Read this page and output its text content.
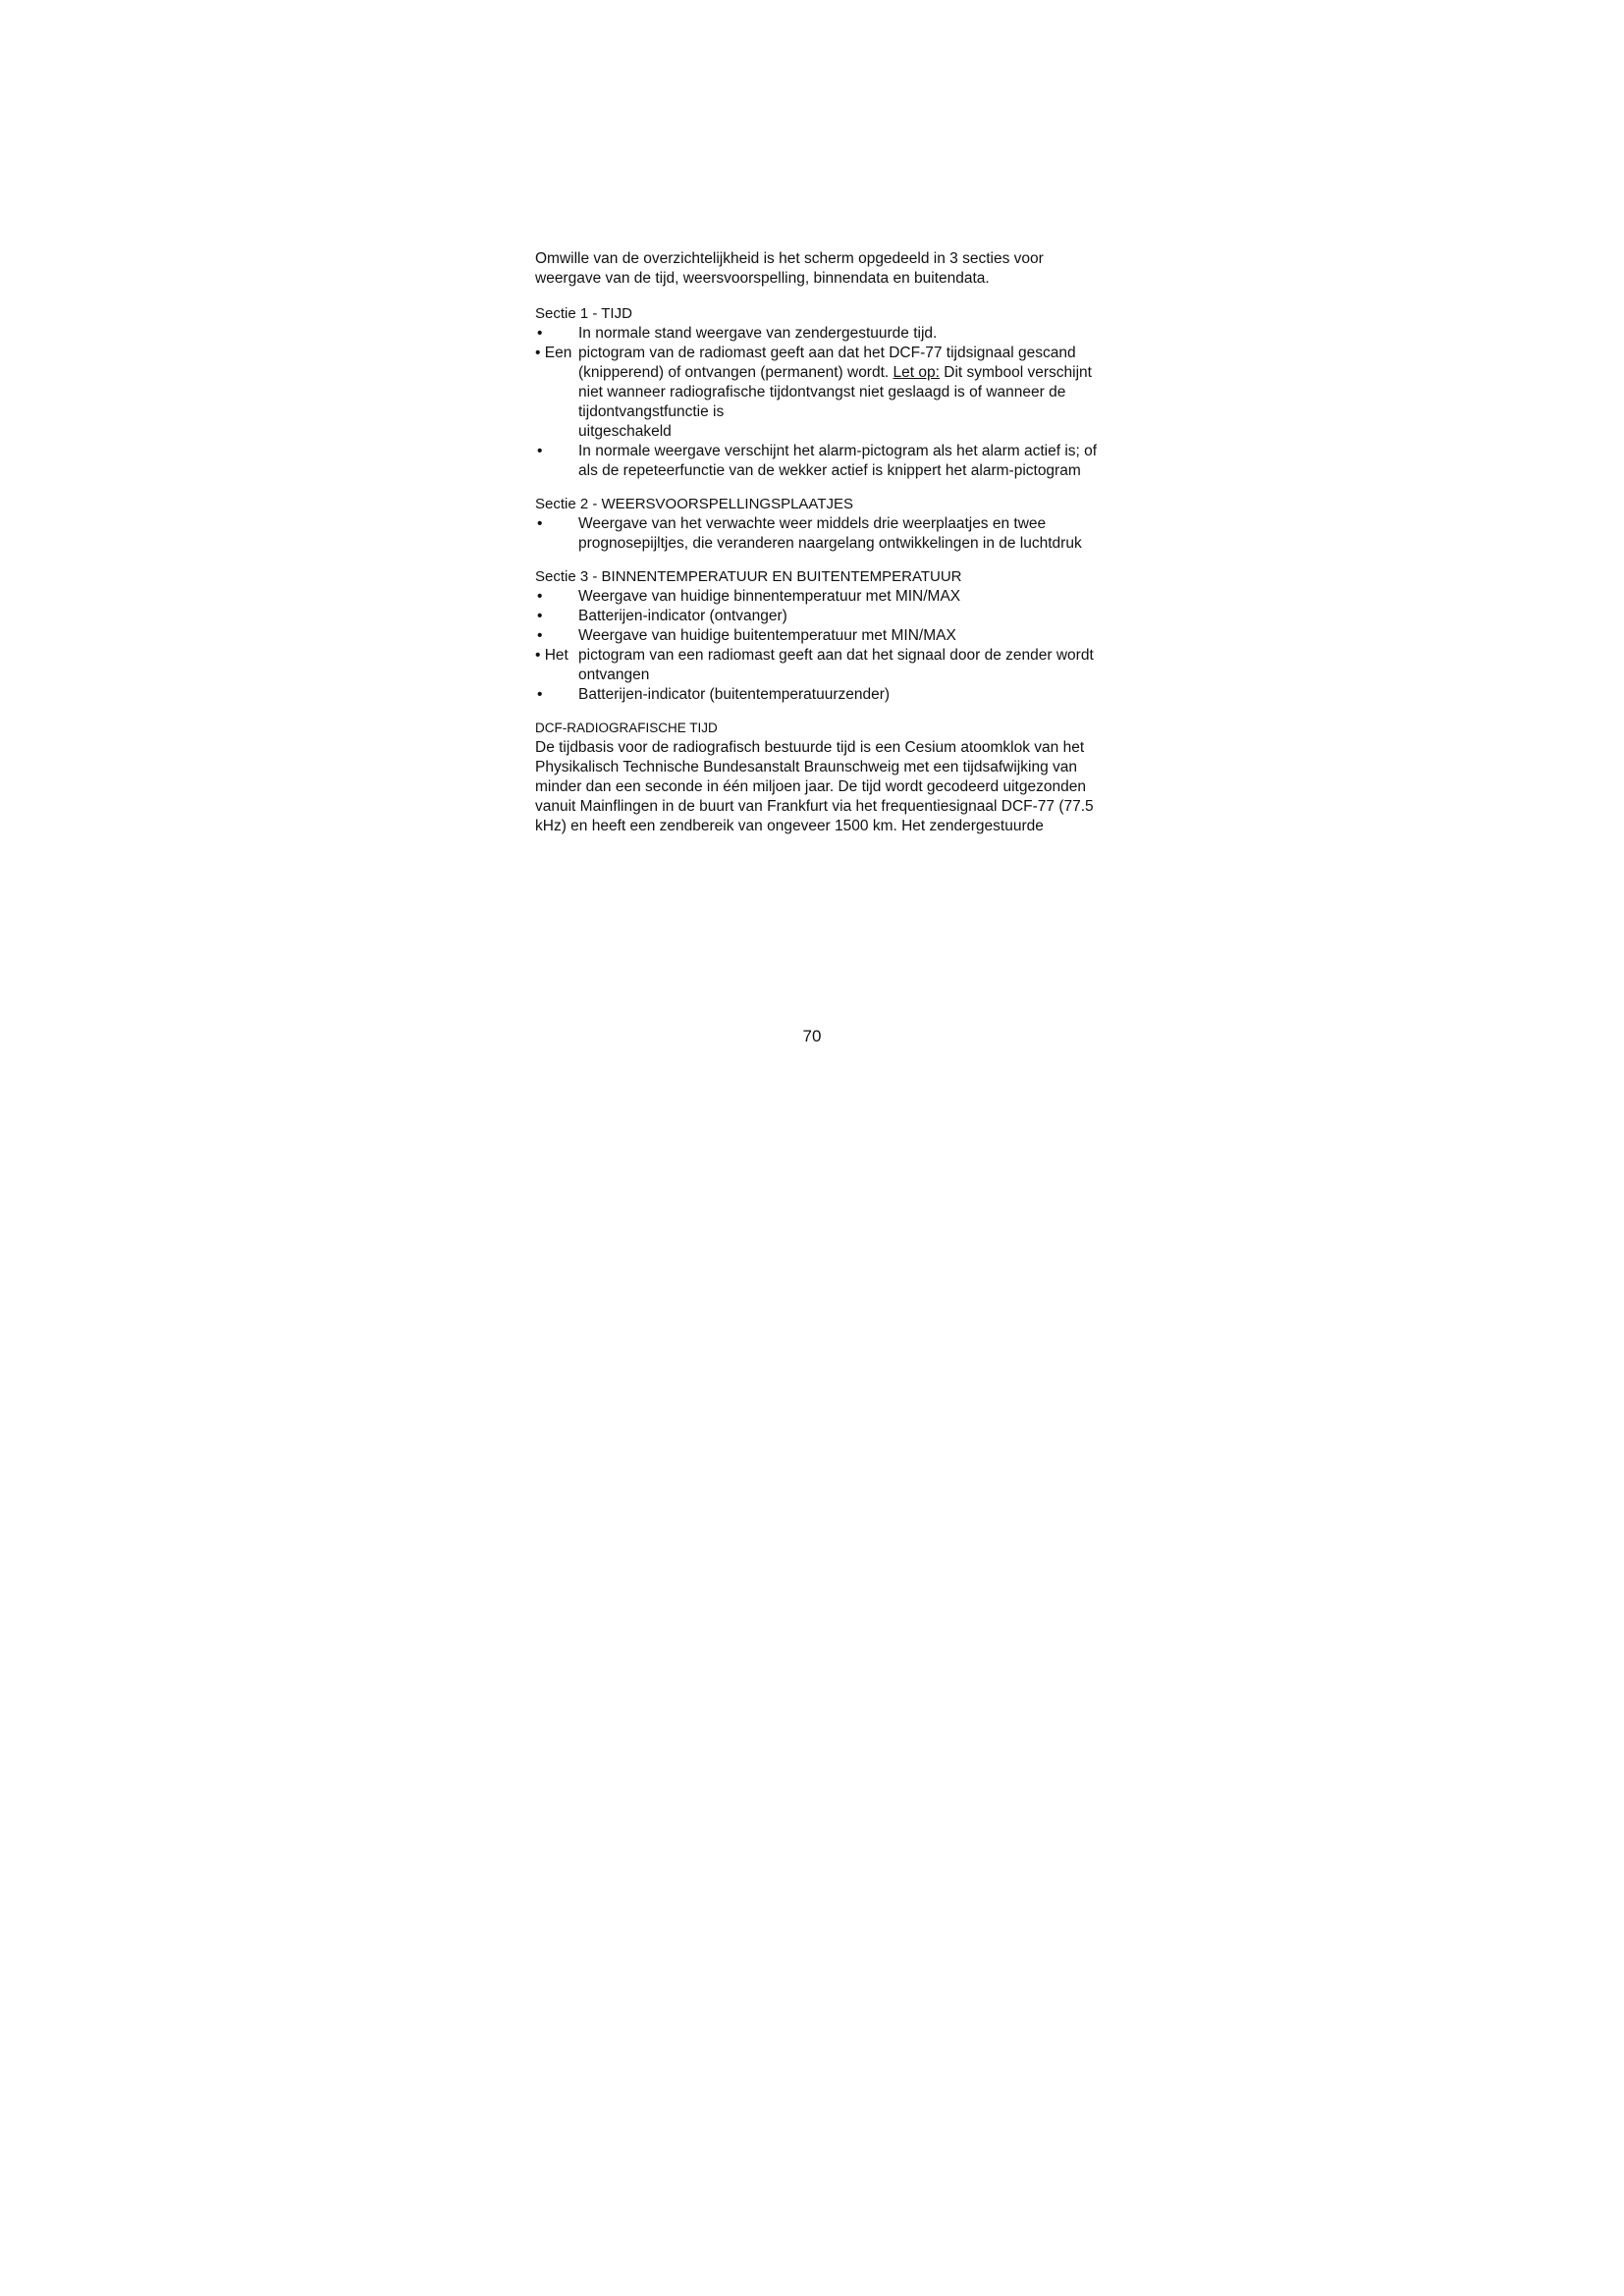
Omwille van de overzichtelijkheid is het scherm opgedeeld in 3 secties voor weergave van de tijd, weersvoorspelling, binnendata en buitendata.

Sectie 1 - TIJD

• In normale stand weergave van zendergestuurde tijd.
• Een pictogram van de radiomast geeft aan dat het DCF-77 tijdsignaal gescand (knipperend) of ontvangen (permanent) wordt. Let op: Dit symbool verschijnt niet wanneer radiografische tijdontvangst niet geslaagd is of wanneer de tijdontvangstfunctie is
uitgeschakeld
• In normale weergave verschijnt het alarm-pictogram als het alarm actief is; of als de repeteerfunctie van de wekker actief is knippert het alarm-pictogram

Sectie 2 - WEERSVOORSPELLINGSPLAATJES

• Weergave van het verwachte weer middels drie weerplaatjes en twee prognosepijltjes, die veranderen naargelang ontwikkelingen in de luchtdruk

Sectie 3 - BINNENTEMPERATUUR EN BUITENTEMPERATUUR

• Weergave van huidige binnentemperatuur met MIN/MAX
• Batterijen-indicator (ontvanger)
• Weergave van huidige buitentemperatuur met MIN/MAX
• Het pictogram van een radiomast geeft aan dat het signaal door de zender wordt ontvangen
• Batterijen-indicator (buitentemperatuurzender)

DCF-RADIOGRAFISCHE TIJD

De tijdbasis voor de radiografisch bestuurde tijd is een Cesium atoomklok van het Physikalisch Technische Bundesanstalt Braunschweig met een tijdsafwijking van minder dan een seconde in één miljoen jaar. De tijd wordt gecodeerd uitgezonden vanuit Mainflingen in de buurt van Frankfurt via het frequentiesignaal DCF-77 (77.5 kHz) en heeft een zendbereik van ongeveer 1500 km. Het zendergestuurde

70
